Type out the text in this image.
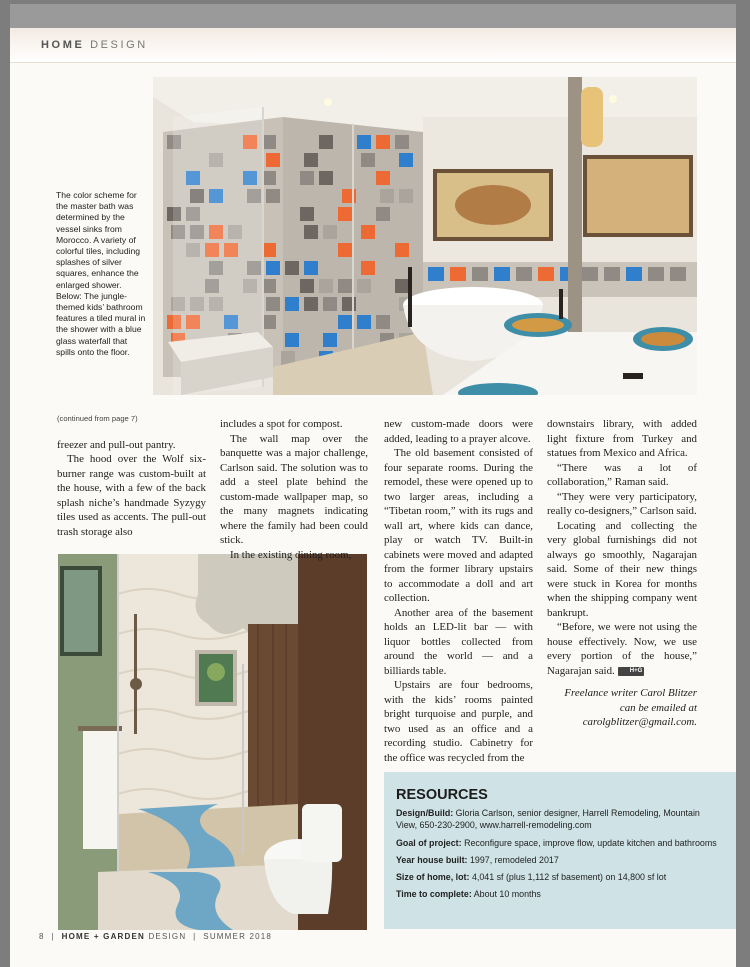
HOME DESIGN
The color scheme for the master bath was determined by the vessel sinks from Morocco. A variety of colorful tiles, including splashes of silver squares, enhance the enlarged shower. Below: The jungle-themed kids’ bathroom features a tiled mural in the shower with a blue glass waterfall that spills onto the floor.

(continued from page 7)

freezer and pull-out pantry.

The hood over the Wolf six-burner range was custom-built at the house, with a few of the back splash niche’s handmade Syzygy tiles used as accents. The pull-out trash storage also

includes a spot for compost.

The wall map over the banquette was a major challenge, Carlson said. The solution was to add a steel plate behind the custom-made wallpaper map, so the many magnets indicating where the family had been could stick.

In the existing dining room,

new custom-made doors were added, leading to a prayer alcove.

The old basement consisted of four separate rooms. During the remodel, these were opened up to two larger areas, including a “Tibetan room,” with its rugs and wall art, where kids can dance, play or watch TV. Built-in cabinets were moved and adapted from the former library upstairs to accommodate a doll and art collection.

Another area of the basement holds an LED-lit bar — with liquor bottles collected from around the world — and a billiards table.

Upstairs are four bedrooms, with the kids’ rooms painted bright turquoise and purple, and two used as an office and a recording studio. Cabinetry for the office was recycled from the

downstairs library, with added light fixture from Turkey and statues from Mexico and Africa.

“There was a lot of collaboration,” Raman said.

“They were very participatory, really co-designers,” Carlson said.

Locating and collecting the very global furnishings did not always go smoothly, Nagarajan said. Some of their new things were stuck in Korea for months when the shipping company went bankrupt.

“Before, we were not using the house effectively. Now, we use every portion of the house,” Nagarajan said.	H+G

Freelance writer Carol Blitzer can be emailed at carolgblitzer@gmail.com.

RESOURCES
Design/Build: Gloria Carlson, senior designer, Harrell Remodeling, Mountain View, 650-230-2900, www.harrell-remodeling.com
Goal of project: Reconfigure space, improve flow, update kitchen and bathrooms
Year house built: 1997, remodeled 2017
Size of home, lot: 4,041 sf (plus 1,112 sf basement) on 14,800 sf lot
Time to complete: About 10 months
8  |  HOME + GARDEN DESIGN  |  SUMMER 2018
